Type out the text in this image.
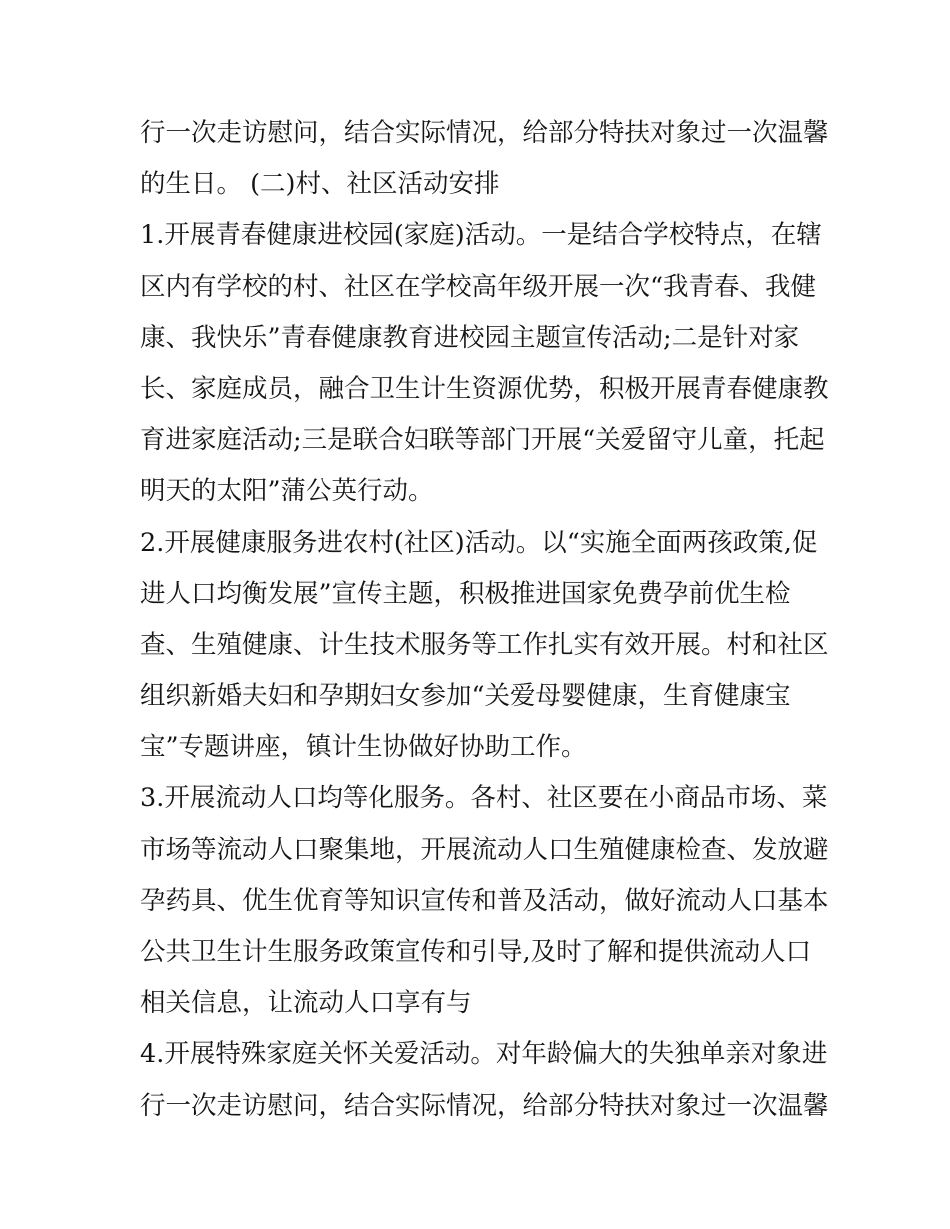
行一次走访慰问，结合实际情况，给部分特扶对象过一次温馨
的生日。 (二)村、社区活动安排
1.开展青春健康进校园(家庭)活动。一是结合学校特点，在辖
区内有学校的村、社区在学校高年级开展一次“我青春、我健
康、我快乐”青春健康教育进校园主题宣传活动;二是针对家
长、家庭成员，融合卫生计生资源优势，积极开展青春健康教
育进家庭活动;三是联合妇联等部门开展“关爱留守儿童，托起
明天的太阳”蒲公英行动。
2.开展健康服务进农村(社区)活动。以“实施全面两孩政策,促
进人口均衡发展”宣传主题，积极推进国家免费孕前优生检
查、生殖健康、计生技术服务等工作扎实有效开展。村和社区
组织新婚夫妇和孕期妇女参加“关爱母婴健康，生育健康宝
宝”专题讲座，镇计生协做好协助工作。
3.开展流动人口均等化服务。各村、社区要在小商品市场、菜
市场等流动人口聚集地，开展流动人口生殖健康检查、发放避
孕药具、优生优育等知识宣传和普及活动，做好流动人口基本
公共卫生计生服务政策宣传和引导,及时了解和提供流动人口
相关信息，让流动人口享有与
4.开展特殊家庭关怀关爱活动。对年龄偏大的失独单亲对象进
行一次走访慰问，结合实际情况，给部分特扶对象过一次温馨
